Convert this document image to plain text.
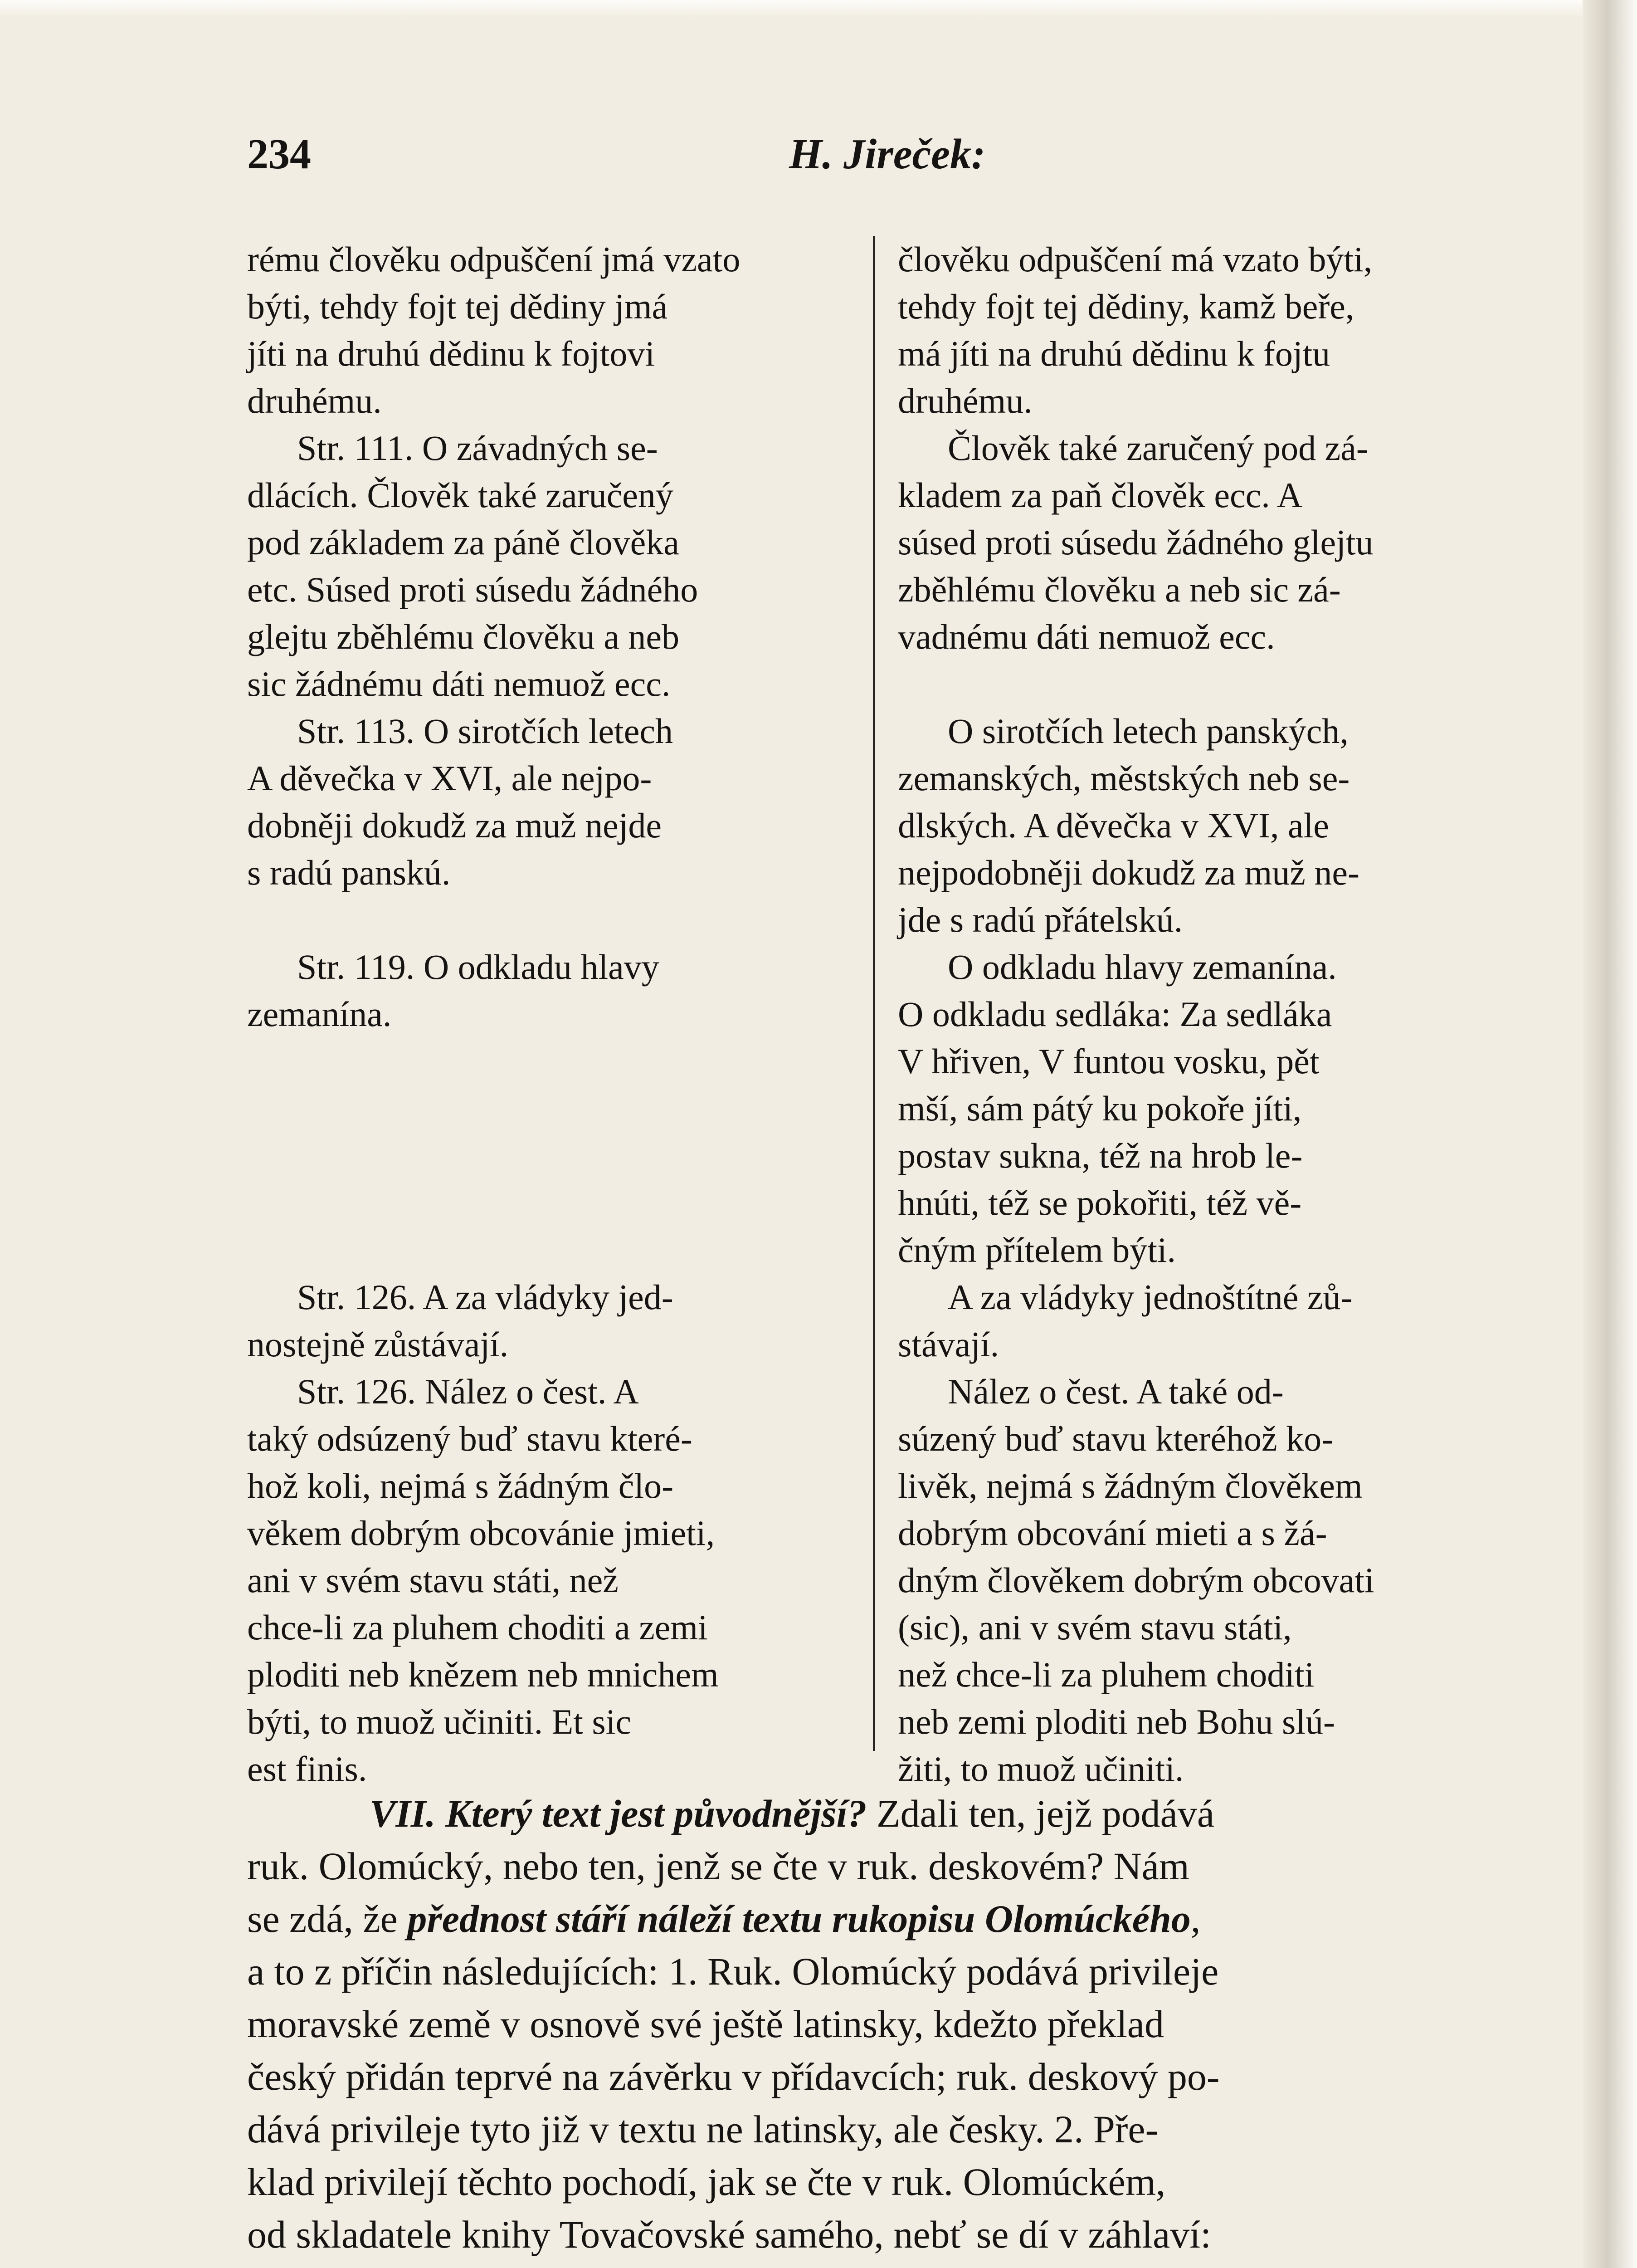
234	H. Jireček:
rému člověku odpuščení jmá vzato
býti, tehdy fojt tej dědiny jmá
jíti na druhú dědinu k fojtovi
druhému.
Str. 111. O závadných se-
dlácích. Člověk také zaručený
pod základem za páně člověka
etc. Súsed proti súsedu žádného
glejtu zběhlému člověku a neb
sic žádnému dáti nemuož ecc.
Str. 113. O sirotčích letech
A děvečka v XVI, ale nejpo-
dobněji dokudž za muž nejde
s radú panskú.
Str. 119. O odkladu hlavy
zemanína.
Str. 126. A za vládyky jed-
nostejně zůstávají.
Str. 126. Nález o čest. A
taký odsúzený buď stavu které-
hož koli, nejmá s žádným člo-
věkem dobrým obcovánie jmieti,
ani v svém stavu státi, než
chce-li za pluhem choditi a zemi
ploditi neb knězem neb mnichem
býti, to muož učiniti. Et sic
est finis.
člověku odpuščení má vzato býti,
tehdy fojt tej dědiny, kamž beře,
má jíti na druhú dědinu k fojtu
druhému.
Člověk také zaručený pod zá-
kladem za paň člověk ecc. A
súsed proti súsedu žádného glejtu
zběhlému člověku a neb sic zá-
vadnému dáti nemuož ecc.
O sirotčích letech panských,
zemanských, městských neb se-
dlských. A děvečka v XVI, ale
nejpodobněji dokudž za muž ne-
jde s radú přátelskú.
O odkladu hlavy zemanína.
O odkladu sedláka: Za sedláka
V hřiven, V funtou vosku, pět
mší, sám pátý ku pokoře jíti,
postav sukna, též na hrob le-
hnúti, též se pokořiti, též vě-
čným přítelem býti.
A za vládyky jednoštítné zů-
stávají.
Nález o čest. A také od-
súzený buď stavu kteréhož ko-
livěk, nejmá s žádným člověkem
dobrým obcování mieti a s žá-
dným člověkem dobrým obcovati
(sic), ani v svém stavu státi,
než chce-li za pluhem choditi
neb zemi ploditi neb Bohu slú-
žiti, to muož učiniti.
VII. Který text jest původnější? Zdali ten, jejž podává
ruk. Olomúcký, nebo ten, jenž se čte v ruk. deskovém? Nám
se zdá, že přednost stáří náleží textu rukopisu Olomúckého,
a to z příčin následujících: 1. Ruk. Olomúcký podává privileje
moravské země v osnově své ještě latinsky, kdežto překlad
český přidán teprvé na závěrku v přídavcích; ruk. deskový po-
dává privileje tyto již v textu ne latinsky, ale česky. 2. Pře-
klad privilejí těchto pochodí, jak se čte v ruk. Olomúckém,
od skladatele knihy Tovačovské samého, nebť se dí v záhlaví:
